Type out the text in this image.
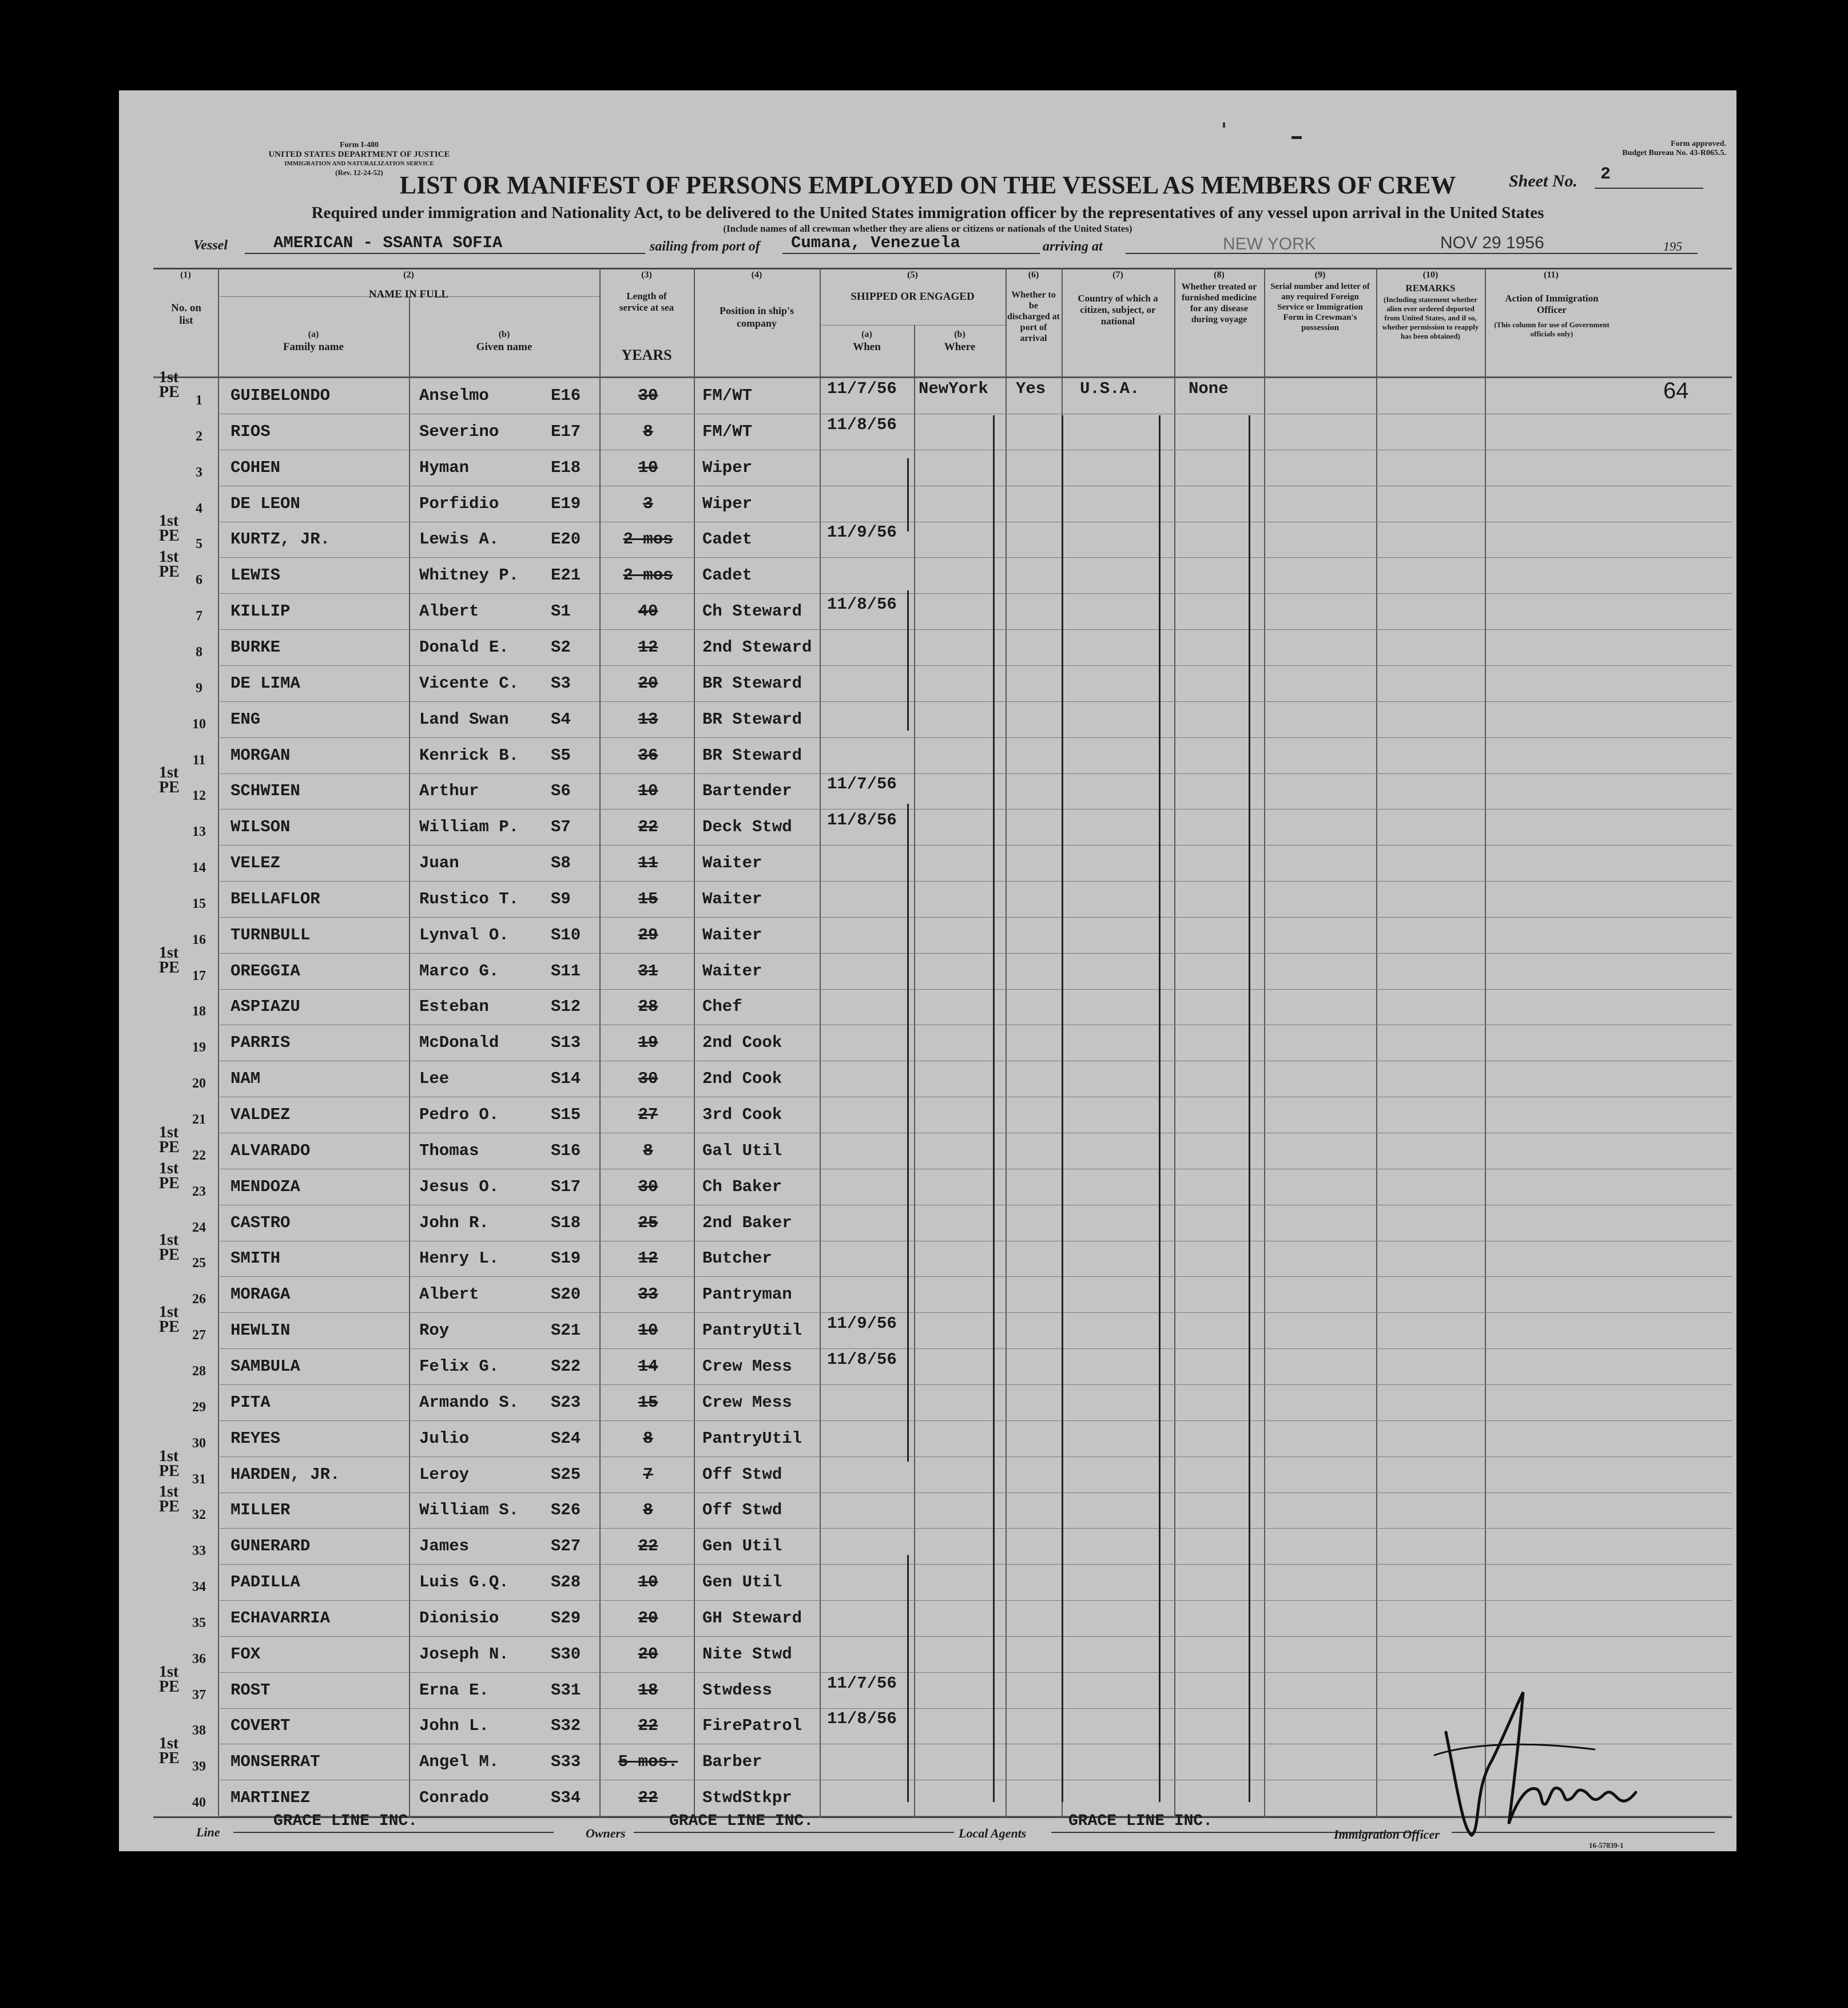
Form I-480
UNITED STATES DEPARTMENT OF JUSTICE
IMMIGRATION AND NATURALIZATION SERVICE
(Rev. 12-24-52)
Form approved.
Budget Bureau No. 43-R065.5.
LIST OR MANIFEST OF PERSONS EMPLOYED ON THE VESSEL AS MEMBERS OF CREW	Sheet No. 2
Required under immigration and Nationality Act, to be delivered to the United States immigration officer by the representatives of any vessel upon arrival in the United States
(Include names of all crewman whether they are aliens or citizens or nationals of the United States)
Vessel	AMERICAN - SSANTA SOFIA	sailing from port of Cumana, Venezuela	arriving at	NEW YORK	NOV 29 1956	195
(1)
No. on list
(2)
NAME IN FULL
(a)
Family name
(b)
Given name
(3)
Length of service at sea
YEARS
(4)
Position in ship's company
(5)
SHIPPED OR ENGAGED
(a)
When
(b)
Where
(6)
Whether to be discharged at port of arrival
(7)
Country of which a citizen, subject, or national
(8)
Whether treated or furnished medicine for any disease during voyage
(9)
Serial number and letter of any required Foreign Service or Immigration Form in Crewman's possession
(10)
REMARKS
(Including statement whether alien ever ordered deported from United States, and if so, whether permission to reapply has been obtained)
(11)
Action of Immigration Officer
(This column for use of Government officials only)
1st
PE	1	GUIBELONDO	Anselmo	E16	30	FM/WT	11/7/56 NewYork Yes U.S.A.	None	64
2	RIOS	Severino	E17	8	FM/WT	11/8/56
3	COHEN	Hyman	E18	10	Wiper
4	DE LEON	Porfidio	E19	3	Wiper
1st
PE	5	KURTZ, JR.	Lewis A.	E20	2 mos	Cadet	11/9/56
1st
PE	6	LEWIS	Whitney P. E21	2 mos	Cadet
7	KILLIP	Albert	S1	40	Ch Steward 11/8/56
8	BURKE	Donald E.	S2	12	2nd Steward
9	DE LIMA	Vicente C. S3	20	BR Steward
10	ENG	Land Swan	S4	13	BR Steward
11	MORGAN	Kenrick B. S5	36	BR Steward
1st
PE 12	SCHWIEN	Arthur	S6	10	Bartender 11/7/56
13	WILSON	William P. S7	22	Deck Stwd 11/8/56
14	VELEZ	Juan	S8	11	Waiter
15	BELLAFLOR	Rustico T. S9	15	Waiter
16	TURNBULL	Lynval O.	S10	29	Waiter
1st
PE 17	OREGGIA	Marco G.	S11	31	Waiter
18	ASPIAZU	Esteban	S12	28	Chef
19	PARRIS	McDonald	S13	19	2nd Cook
20	NAM	Lee	S14	30	2nd Cook
21	VALDEZ	Pedro O.	S15	27	3rd Cook
1st
PE 22	ALVARADO	Thomas	S16	8	Gal Util
1st
PE 23	MENDOZA	Jesus O.	S17	30	Ch Baker
24	CASTRO	John R.	S18	25	2nd Baker
1st
PE 25	SMITH	Henry L.	S19	12	Butcher
26	MORAGA	Albert	S20	33	Pantryman
1st
PE 27	HEWLIN	Roy	S21	10	PantryUtil 11/9/56
28	SAMBULA	Felix G.	S22	14	Crew Mess 11/8/56
29	PITA	Armando S. S23	15	Crew Mess
30	REYES	Julio	S24	8	PantryUtil
1st
PE 31	HARDEN, JR.	Leroy	S25	7	Off Stwd
1st
PE 32	MILLER	William S. S26	8	Off Stwd
33	GUNERARD	James	S27	22	Gen Util
34	PADILLA	Luis G.Q.	S28	10	Gen Util
35	ECHAVARRIA	Dionisio	S29	20	GH Steward
36	FOX	Joseph N.	S30	20	Nite Stwd
1st
PE 37	ROST	Erna E.	S31	18	Stwdess	11/7/56
38	COVERT	John L.	S32	22	FirePatrol 11/8/56
1st
PE 39	MONSERRAT	Angel M.	S33	5 mos.	Barber
40	MARTINEZ	Conrado	S34	22	StwdStkpr
Line
GRACE LINE INC.
Owners
GRACE LINE INC.
Local Agents
GRACE LINE INC.
Immigration Officer
16-57839-1
